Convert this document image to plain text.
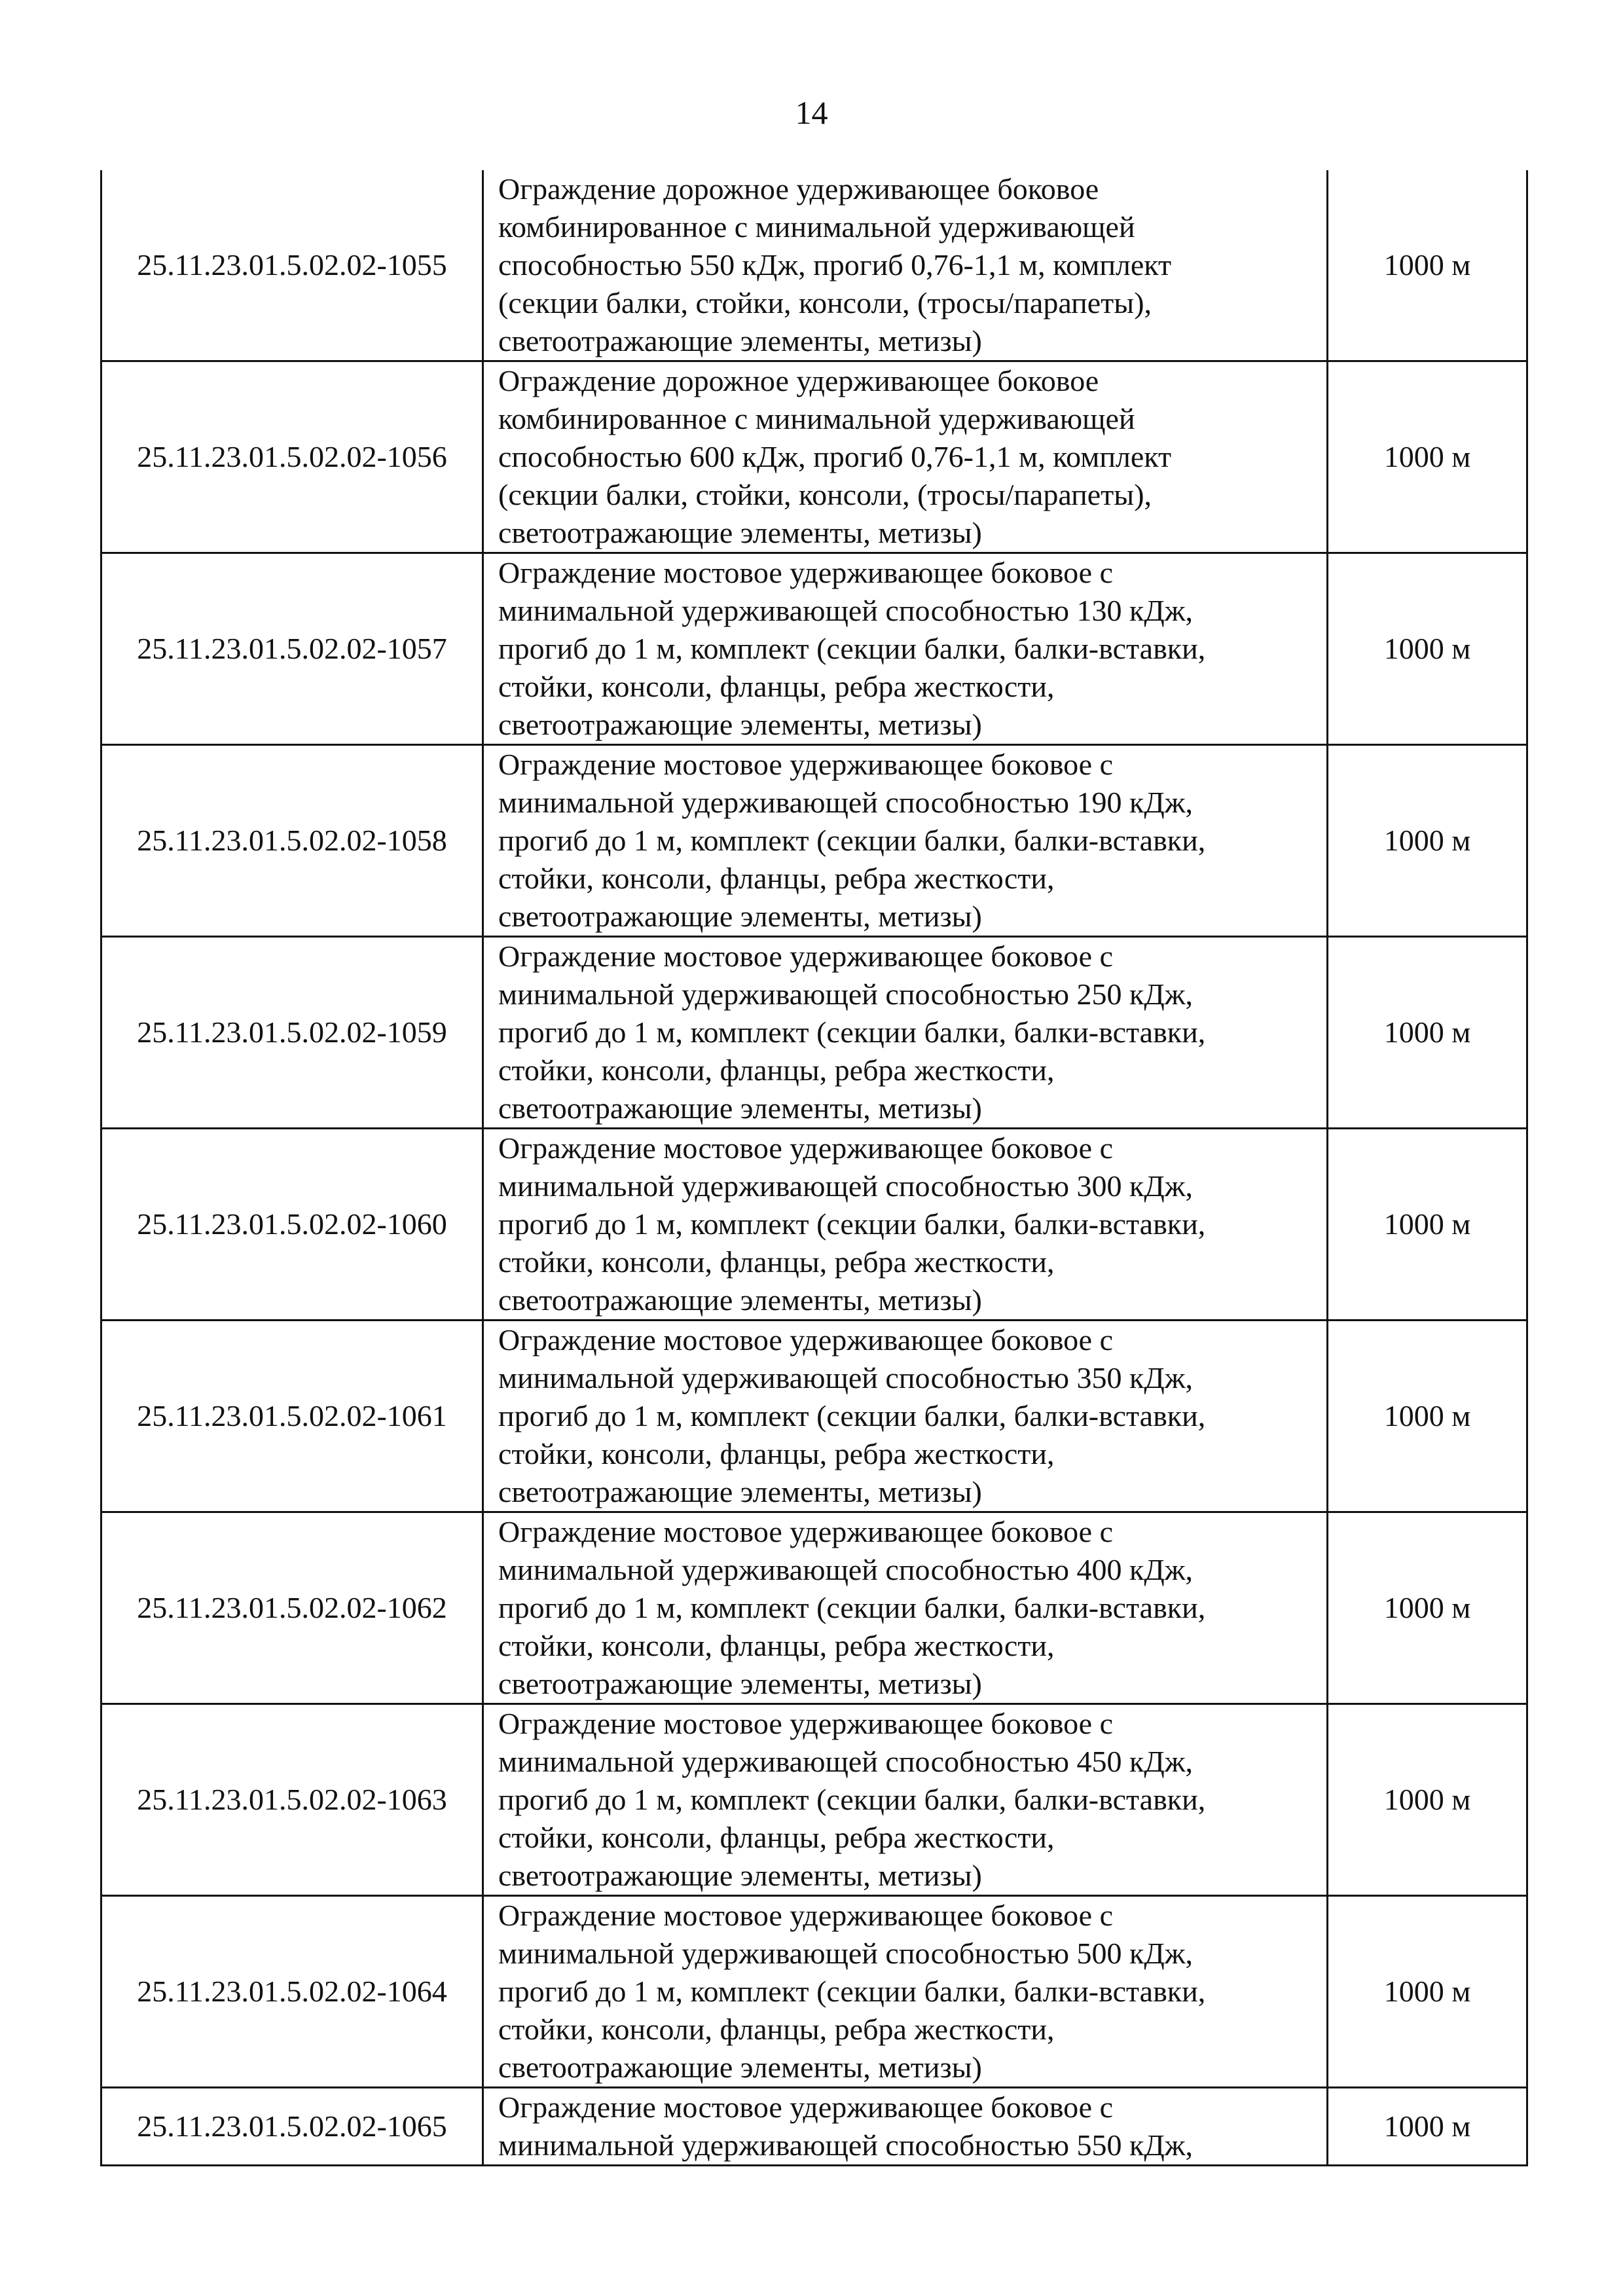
14
25.11.23.01.5.02.02-1055	Ограждение дорожное удерживающее боковое
комбинированное с минимальной удерживающей
способностью 550 кДж, прогиб 0,76-1,1 м, комплект
(секции балки, стойки, консоли, (тросы/парапеты),
светоотражающие элементы, метизы)	1000 м
25.11.23.01.5.02.02-1056	Ограждение дорожное удерживающее боковое
комбинированное с минимальной удерживающей
способностью 600 кДж, прогиб 0,76-1,1 м, комплект
(секции балки, стойки, консоли, (тросы/парапеты),
светоотражающие элементы, метизы)	1000 м
25.11.23.01.5.02.02-1057	Ограждение мостовое удерживающее боковое с
минимальной удерживающей способностью 130 кДж,
прогиб до 1 м, комплект (секции балки, балки-вставки,
стойки, консоли, фланцы, ребра жесткости,
светоотражающие элементы, метизы)	1000 м
25.11.23.01.5.02.02-1058	Ограждение мостовое удерживающее боковое с
минимальной удерживающей способностью 190 кДж,
прогиб до 1 м, комплект (секции балки, балки-вставки,
стойки, консоли, фланцы, ребра жесткости,
светоотражающие элементы, метизы)	1000 м
25.11.23.01.5.02.02-1059	Ограждение мостовое удерживающее боковое с
минимальной удерживающей способностью 250 кДж,
прогиб до 1 м, комплект (секции балки, балки-вставки,
стойки, консоли, фланцы, ребра жесткости,
светоотражающие элементы, метизы)	1000 м
25.11.23.01.5.02.02-1060	Ограждение мостовое удерживающее боковое с
минимальной удерживающей способностью 300 кДж,
прогиб до 1 м, комплект (секции балки, балки-вставки,
стойки, консоли, фланцы, ребра жесткости,
светоотражающие элементы, метизы)	1000 м
25.11.23.01.5.02.02-1061	Ограждение мостовое удерживающее боковое с
минимальной удерживающей способностью 350 кДж,
прогиб до 1 м, комплект (секции балки, балки-вставки,
стойки, консоли, фланцы, ребра жесткости,
светоотражающие элементы, метизы)	1000 м
25.11.23.01.5.02.02-1062	Ограждение мостовое удерживающее боковое с
минимальной удерживающей способностью 400 кДж,
прогиб до 1 м, комплект (секции балки, балки-вставки,
стойки, консоли, фланцы, ребра жесткости,
светоотражающие элементы, метизы)	1000 м
25.11.23.01.5.02.02-1063	Ограждение мостовое удерживающее боковое с
минимальной удерживающей способностью 450 кДж,
прогиб до 1 м, комплект (секции балки, балки-вставки,
стойки, консоли, фланцы, ребра жесткости,
светоотражающие элементы, метизы)	1000 м
25.11.23.01.5.02.02-1064	Ограждение мостовое удерживающее боковое с
минимальной удерживающей способностью 500 кДж,
прогиб до 1 м, комплект (секции балки, балки-вставки,
стойки, консоли, фланцы, ребра жесткости,
светоотражающие элементы, метизы)	1000 м
25.11.23.01.5.02.02-1065	Ограждение мостовое удерживающее боковое с
минимальной удерживающей способностью 550 кДж,	1000 м
